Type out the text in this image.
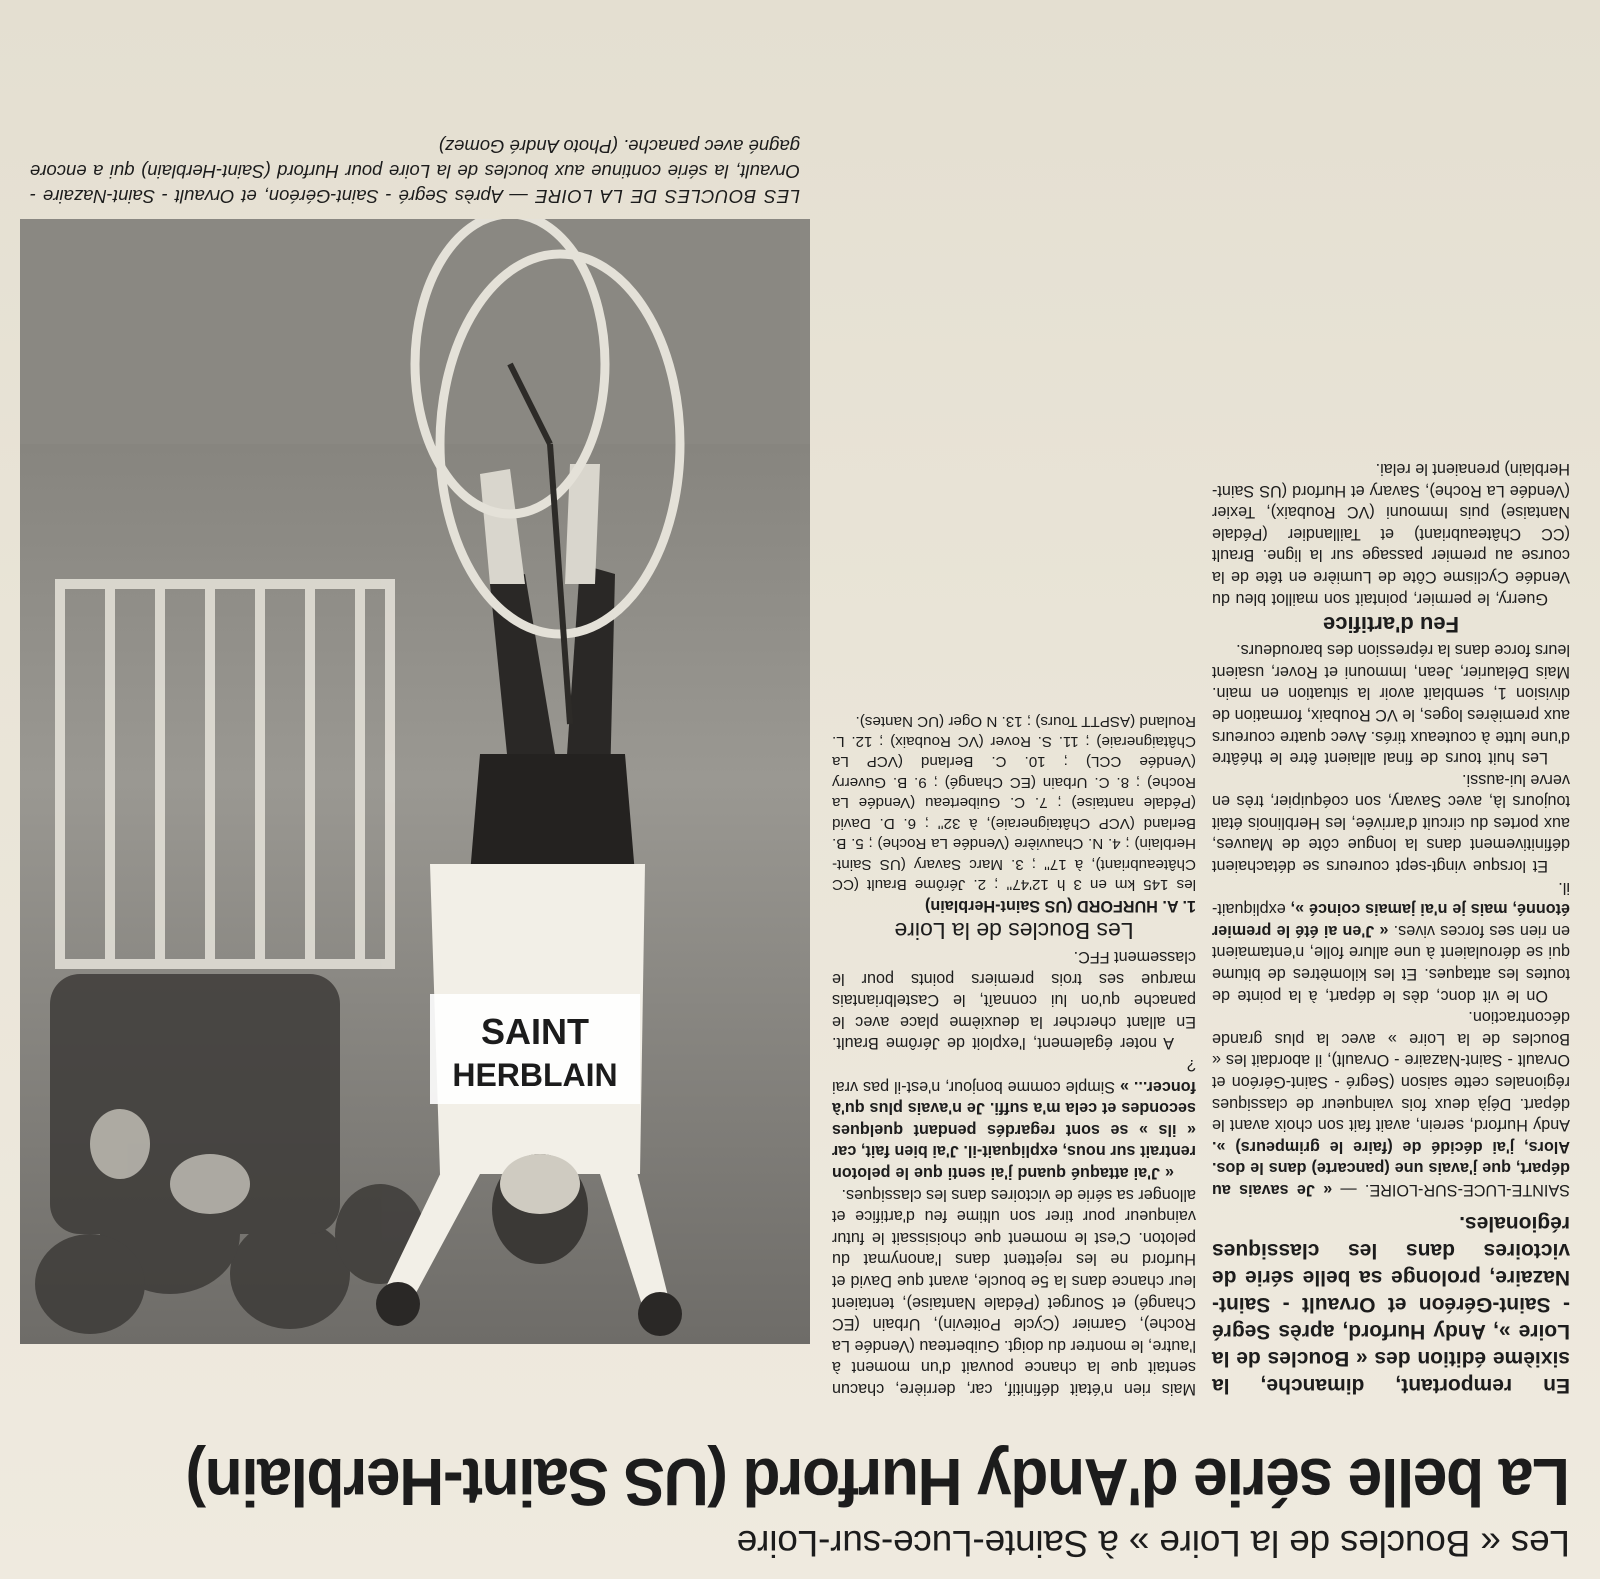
Les « Boucles de la Loire » à Sainte-Luce-sur-Loire
La belle série d'Andy Hurford (US Saint-Herblain)

En remportant, dimanche, la sixième édition des « Boucles de la Loire », Andy Hurford, après Segré - Saint-Géréon et Orvault - Saint-Nazaire, prolonge sa belle série de victoires dans les classiques régionales.

SAINTE-LUCE-SUR-LOIRE. — « Je savais au départ, que j'avais une (pancarte) dans le dos. Alors, j'ai décidé de (faire le grimpeurs) ». Andy Hurford, serein, avait fait son choix avant le départ. Déjà deux fois vainqueur de classiques régionales cette saison (Segré - Saint-Géréon et Orvault - Saint-Nazaire - Orvault), il abordait les « Boucles de la Loire » avec la plus grande décontraction.

On le vit donc, dès le départ, à la pointe de toutes les attaques. Et les kilomètres de bitume qui se déroulaient à une allure folle, n'entamaient en rien ses forces vives. « J'en ai été le premier étonné, mais je n'ai jamais coincé », expliquait-il.

Et lorsque vingt-sept coureurs se détachaient définitivement dans la longue côte de Mauves, aux portes du circuit d'arrivée, les Herblinois était toujours là, avec Savary, son coéquipier, très en verve lui-aussi.

Les huit tours de final allaient être le théâtre d'une lutte à couteaux tirés. Avec quatre coureurs aux premières loges, le VC Roubaix, formation de division 1, semblait avoir la situation en main. Mais Délaurier, Jean, Immouni et Rover, usaient leurs force dans la répression des baroudeurs.

Feu d'artifice

Guerry, le permier, pointait son maillot bleu du Vendée Cyclisme Côte de Lumière en tête de la course au premier passage sur la ligne. Brault (CC Châteaubriant) et Taillandier (Pédale Nantaise) puis Immouni (VC Roubaix), Texier (Vendée La Roche), Savary et Hurford (US Saint-Herblain) prenaient le relai.

Mais rien n'était définitif, car, derrière, chacun sentait que la chance pouvait d'un moment à l'autre, le montrer du doigt. Guiberteau (Vendée La Roche), Garnier (Cycle Poitevin), Urbain (EC Changé) et Sourget (Pédale Nantaise), tentaient leur chance dans la 5e boucle, avant que David et Hurford ne les rejettent dans l'anonymat du peloton. C'est le moment que choisissait le futur vainqueur pour tirer son ultime feu d'artifice et allonger sa série de victoires dans les classiques.

« J'ai attaqué quand j'ai senti que le peloton rentrait sur nous, expliquait-il. J'ai bien fait, car « ils » se sont regardés pendant quelques secondes et cela m'a suffi. Je n'avais plus qu'à foncer... » Simple comme bonjour, n'est-il pas vrai ?

A noter également, l'exploit de Jérôme Brault. En allant chercher la deuxième place avec le panache qu'on lui connaît, le Castelbriantais marque ses trois premiers points pour le classement FFC.

Les Boucles de la Loire

1. A. HURFORD (US Saint-Herblain)

les 145 km en 3 h 12'47'' ; 2. Jérôme Brault (CC Châteaubriant), à 17'' ; 3. Marc Savary (US Saint-Herblain) ; 4. N. Chauvière (Vendée La Roche) ; 5. B. Berland (VCP Châtaigneraie), à 32'' ; 6. D. David (Pédale nantaise) ; 7. C. Guiberteau (Vendée La Roche) ; 8. C. Urbain (EC Changé) ; 9. B. Guverry (Vendée CCL) ; 10. C. Berland (VCP La Châtaigneraie) ; 11. S. Rover (VC Roubaix) ; 12. L. Rouland (ASPTT Tours) ; 13. N Oger (UC Nantes).

SAINT
HERBLAIN
LES BOUCLES DE LA LOIRE — Après Segré - Saint-Géréon, et Orvault - Saint-Nazaire - Orvault, la série continue aux boucles de la Loire pour Hurford (Saint-Herblain) qui a encore gagné avec panache. (Photo André Gomez)
